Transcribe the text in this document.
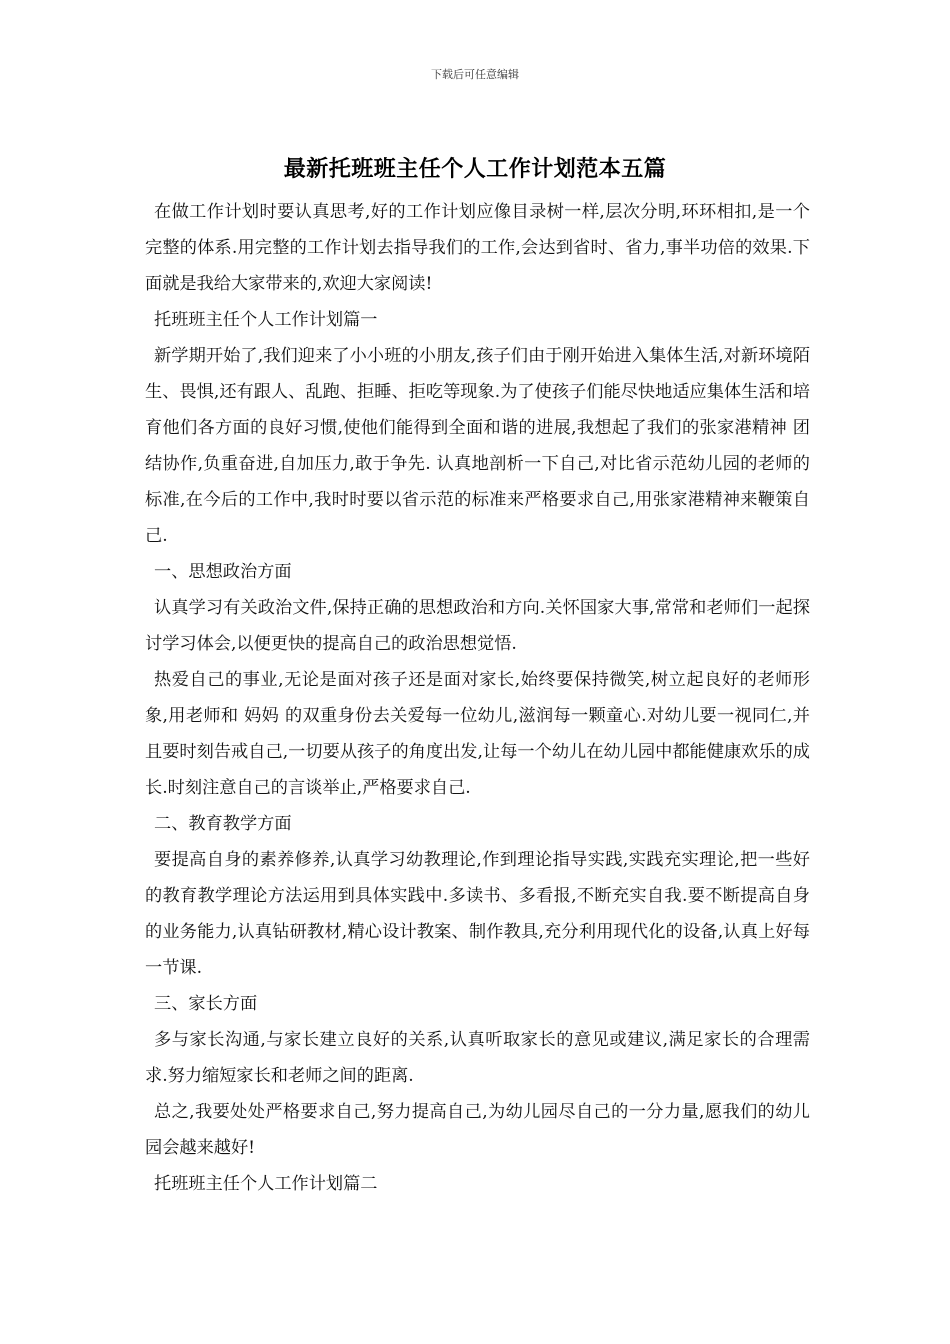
下载后可任意编辑
最新托班班主任个人工作计划范本五篇

在做工作计划时要认真思考,好的工作计划应像目录树一样,层次分明,环环相扣,是一个完整的体系.用完整的工作计划去指导我们的工作,会达到省时、省力,事半功倍的效果.下面就是我给大家带来的,欢迎大家阅读!

托班班主任个人工作计划篇一

新学期开始了,我们迎来了小小班的小朋友,孩子们由于刚开始进入集体生活,对新环境陌生、畏惧,还有跟人、乱跑、拒睡、拒吃等现象.为了使孩子们能尽快地适应集体生活和培育他们各方面的良好习惯,使他们能得到全面和谐的进展,我想起了我们的张家港精神 团结协作,负重奋进,自加压力,敢于争先. 认真地剖析一下自己,对比省示范幼儿园的老师的标准,在今后的工作中,我时时要以省示范的标准来严格要求自己,用张家港精神来鞭策自己.

一、思想政治方面

认真学习有关政治文件,保持正确的思想政治和方向.关怀国家大事,常常和老师们一起探讨学习体会,以便更快的提高自己的政治思想觉悟.

热爱自己的事业,无论是面对孩子还是面对家长,始终要保持微笑,树立起良好的老师形象,用老师和 妈妈 的双重身份去关爱每一位幼儿,滋润每一颗童心.对幼儿要一视同仁,并且要时刻告戒自己,一切要从孩子的角度出发,让每一个幼儿在幼儿园中都能健康欢乐的成长.时刻注意自己的言谈举止,严格要求自己.

二、教育教学方面

要提高自身的素养修养,认真学习幼教理论,作到理论指导实践,实践充实理论,把一些好的教育教学理论方法运用到具体实践中.多读书、多看报,不断充实自我.要不断提高自身的业务能力,认真钻研教材,精心设计教案、制作教具,充分利用现代化的设备,认真上好每一节课.

三、家长方面

多与家长沟通,与家长建立良好的关系,认真听取家长的意见或建议,满足家长的合理需求.努力缩短家长和老师之间的距离.

总之,我要处处严格要求自己,努力提高自己,为幼儿园尽自己的一分力量,愿我们的幼儿园会越来越好!

托班班主任个人工作计划篇二
